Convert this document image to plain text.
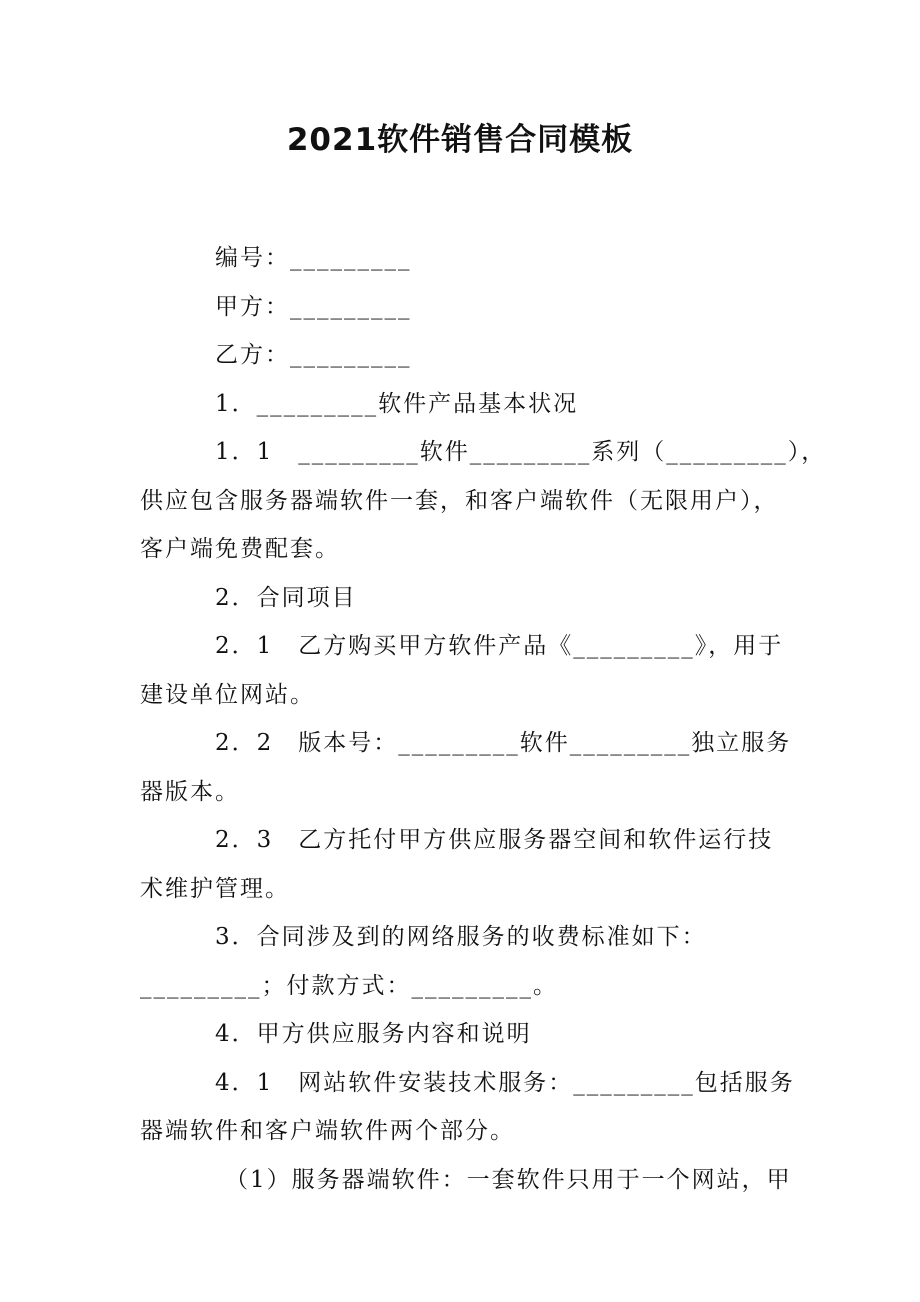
2021软件销售合同模板
编号：_________
甲方：_________
乙方：_________
1．_________软件产品基本状况
1．1　_________软件_________系列（_________），
供应包含服务器端软件一套，和客户端软件（无限用户），
客户端免费配套。
2．合同项目
2．1　乙方购买甲方软件产品《_________》，用于
建设单位网站。
2．2　版本号：_________软件_________独立服务
器版本。
2．3　乙方托付甲方供应服务器空间和软件运行技
术维护管理。
3．合同涉及到的网络服务的收费标准如下：
_________；付款方式：_________。
4．甲方供应服务内容和说明
4．1　网站软件安装技术服务：_________包括服务
器端软件和客户端软件两个部分。
（1）服务器端软件：一套软件只用于一个网站，甲
